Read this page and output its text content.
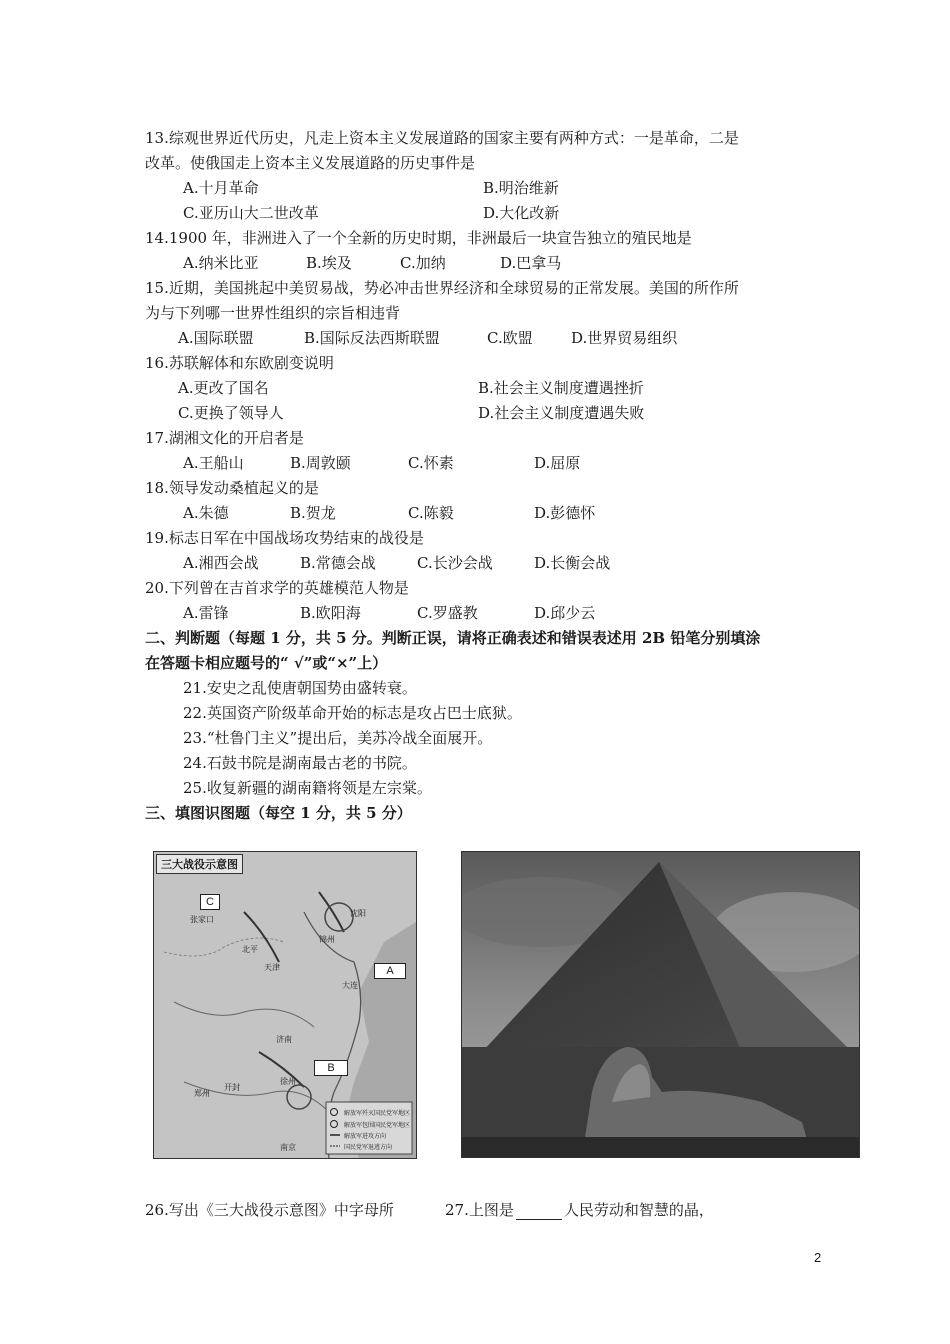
13.综观世界近代历史，凡走上资本主义发展道路的国家主要有两种方式：一是革命，二是
改革。使俄国走上资本主义发展道路的历史事件是
A.十月革命	B.明治维新
C.亚历山大二世改革	D.大化改新
14.1900 年，非洲进入了一个全新的历史时期，非洲最后一块宣告独立的殖民地是
A.纳米比亚	B.埃及	C.加纳	D.巴拿马
15.近期，美国挑起中美贸易战，势必冲击世界经济和全球贸易的正常发展。美国的所作所
为与下列哪一世界性组织的宗旨相违背
A.国际联盟	B.国际反法西斯联盟	C.欧盟	D.世界贸易组织
16.苏联解体和东欧剧变说明
A.更改了国名	B.社会主义制度遭遇挫折
C.更换了领导人	D.社会主义制度遭遇失败
17.湖湘文化的开启者是
A.王船山	B.周敦颐	C.怀素	D.屈原
18.领导发动桑植起义的是
A.朱德	B.贺龙	C.陈毅	D.彭德怀
19.标志日军在中国战场攻势结束的战役是
A.湘西会战	B.常德会战	C.长沙会战	D.长衡会战
20.下列曾在吉首求学的英雄模范人物是
A.雷锋	B.欧阳海	C.罗盛教	D.邱少云
二、判断题（每题 1 分，共 5 分。判断正误，请将正确表述和错误表述用 2B 铅笔分别填涂
在答题卡相应题号的“ √”或“×”上）
21.安史之乱使唐朝国势由盛转衰。
22.英国资产阶级革命开始的标志是攻占巴士底狱。
23.“杜鲁门主义”提出后，美苏冷战全面展开。
24.石鼓书院是湖南最古老的书院。
25.收复新疆的湖南籍将领是左宗棠。
三、填图识图题（每空 1 分，共 5 分）
三大战役示意图
C
A
B
沈阳
锦州
张家口
北平
天津
大连
济南
徐州
开封
郑州
南京
解放军歼灭国民党军地区
解放军包围国民党军地区
解放军进攻方向
国民党军退逃方向
26.写出《三大战役示意图》中字母所	27.上图是	人民劳动和智慧的晶，
2
